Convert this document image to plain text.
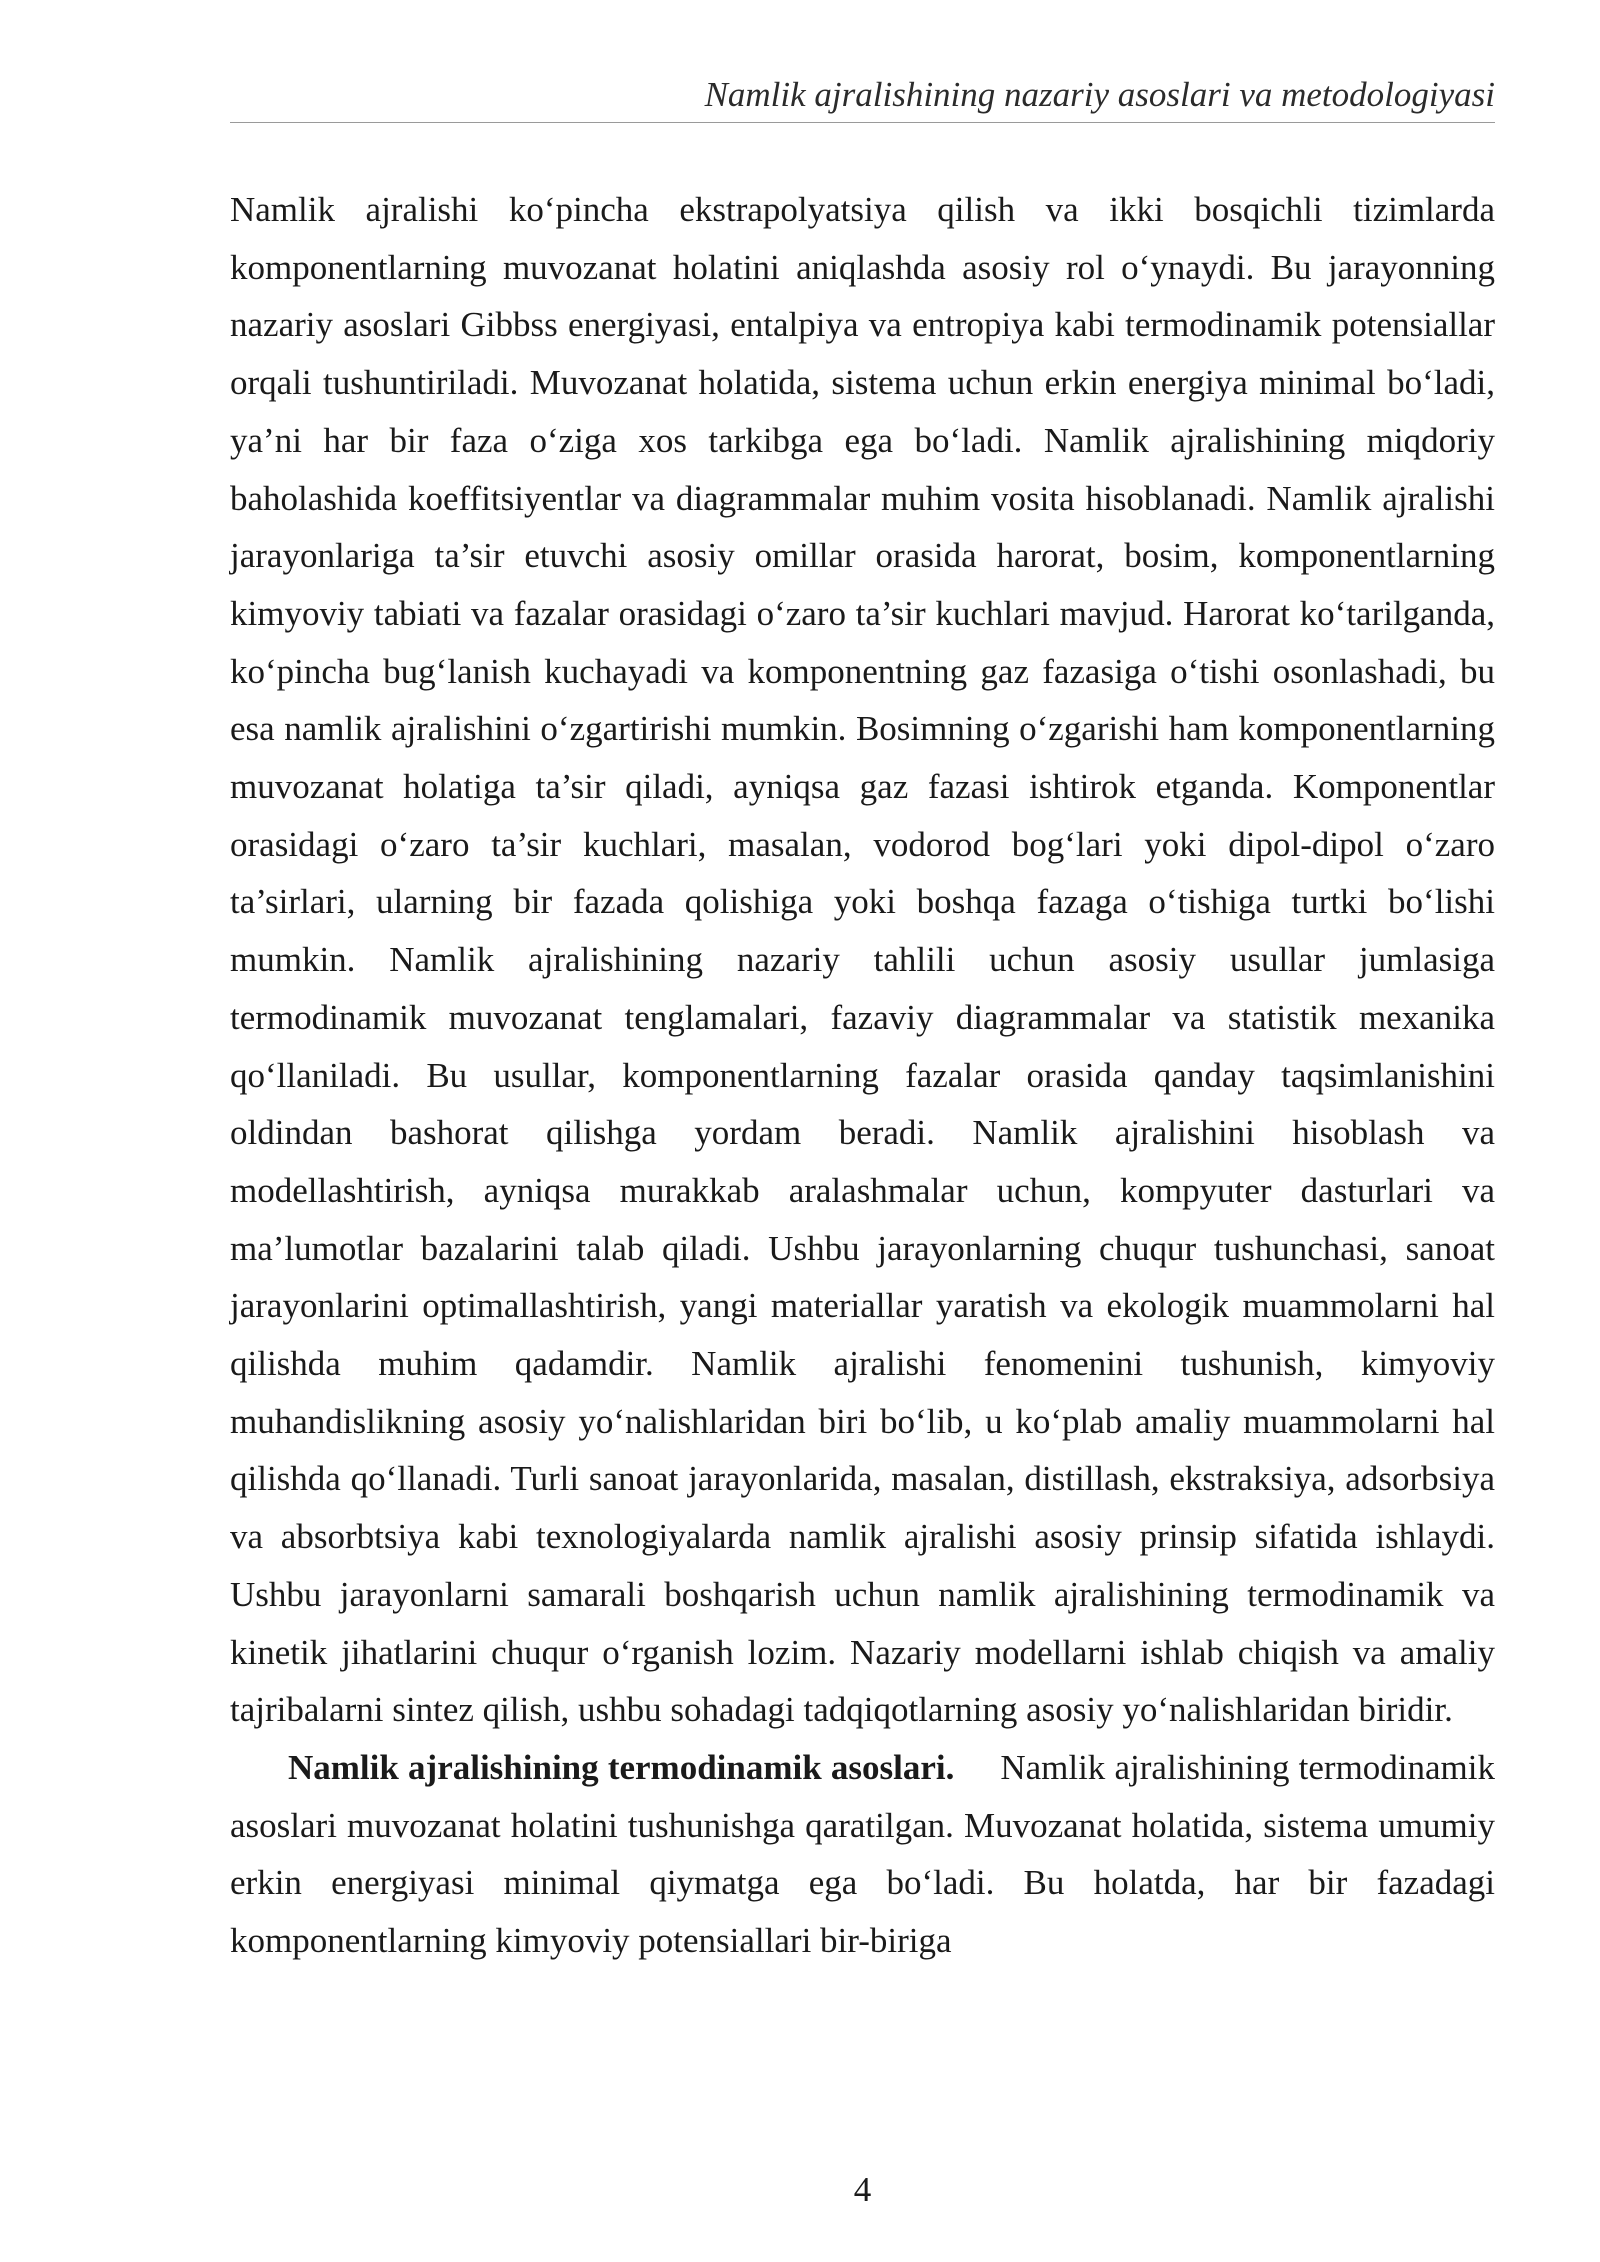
Namlik ajralishining nazariy asoslari va metodologiyasi

Namlik ajralishi koʻpincha ekstrapolyatsiya qilish va ikki bosqichli tizimlarda komponentlarning muvozanat holatini aniqlashda asosiy rol oʻynaydi. Bu jarayonning nazariy asoslari Gibbss energiyasi, entalpiya va entropiya kabi termodinamik potensiallar orqali tushuntiriladi. Muvozanat holatida, sistema uchun erkin energiya minimal boʻladi, ya’ni har bir faza oʻziga xos tarkibga ega boʻladi. Namlik ajralishining miqdoriy baholashida koeffitsiyentlar va diagrammalar muhim vosita hisoblanadi. Namlik ajralishi jarayonlariga ta’sir etuvchi asosiy omillar orasida harorat, bosim, komponentlarning kimyoviy tabiati va fazalar orasidagi oʻzaro ta’sir kuchlari mavjud. Harorat koʻtarilganda, koʻpincha bugʻlanish kuchayadi va komponentning gaz fazasiga oʻtishi osonlashadi, bu esa namlik ajralishini oʻzgartirishi mumkin. Bosimning oʻzgarishi ham komponentlarning muvozanat holatiga ta’sir qiladi, ayniqsa gaz fazasi ishtirok etganda. Komponentlar orasidagi oʻzaro ta’sir kuchlari, masalan, vodorod bogʻlari yoki dipol-dipol oʻzaro ta’sirlari, ularning bir fazada qolishiga yoki boshqa fazaga oʻtishiga turtki boʻlishi mumkin. Namlik ajralishining nazariy tahlili uchun asosiy usullar jumlasiga termodinamik muvozanat tenglamalari, fazaviy diagrammalar va statistik mexanika qoʻllaniladi. Bu usullar, komponentlarning fazalar orasida qanday taqsimlanishini oldindan bashorat qilishga yordam beradi. Namlik ajralishini hisoblash va modellashtirish, ayniqsa murakkab aralashmalar uchun, kompyuter dasturlari va ma’lumotlar bazalarini talab qiladi. Ushbu jarayonlarning chuqur tushunchasi, sanoat jarayonlarini optimallashtirish, yangi materiallar yaratish va ekologik muammolarni hal qilishda muhim qadamdir. Namlik ajralishi fenomenini tushunish, kimyoviy muhandislikning asosiy yoʻnalishlaridan biri boʻlib, u koʻplab amaliy muammolarni hal qilishda qoʻllanadi. Turli sanoat jarayonlarida, masalan, distillash, ekstraksiya, adsorbsiya va absorbtsiya kabi texnologiyalarda namlik ajralishi asosiy prinsip sifatida ishlaydi. Ushbu jarayonlarni samarali boshqarish uchun namlik ajralishining termodinamik va kinetik jihatlarini chuqur oʻrganish lozim. Nazariy modellarni ishlab chiqish va amaliy tajribalarni sintez qilish, ushbu sohadagi tadqiqotlarning asosiy yoʻnalishlaridan biridir.

Namlik ajralishining termodinamik asoslari. Namlik ajralishining termodinamik asoslari muvozanat holatini tushunishga qaratilgan. Muvozanat holatida, sistema umumiy erkin energiyasi minimal qiymatga ega boʻladi. Bu holatda, har bir fazadagi komponentlarning kimyoviy potensiallari bir-biriga

4
